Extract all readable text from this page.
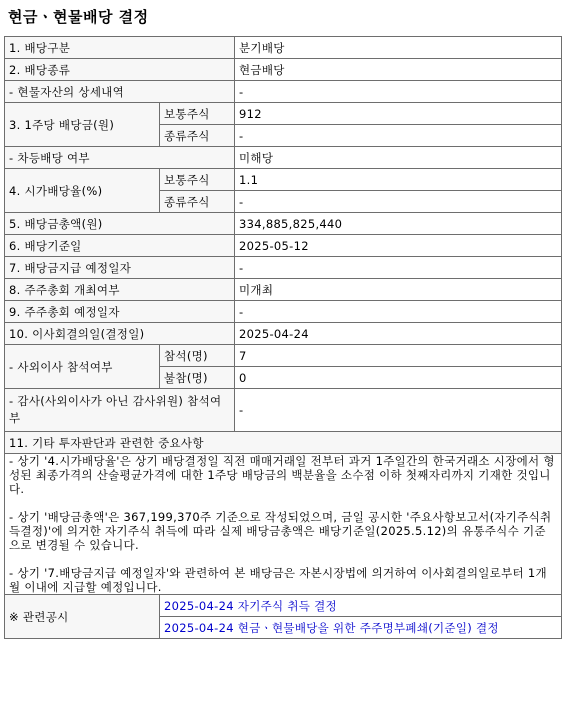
현금ㆍ현물배당 결정
1. 배당구분		분기배당
2. 배당종류		현금배당
- 현물자산의 상세내역		-
3. 1주당 배당금(원)	보통주식	912
	종류주식	-
- 차등배당 여부		미해당
4. 시가배당율(%)	보통주식	1.1
	종류주식	-
5. 배당금총액(원)		334,885,825,440
6. 배당기준일		2025-05-12
7. 배당금지급 예정일자		-
8. 주주총회 개최여부		미개최
9. 주주총회 예정일자		-
10. 이사회결의일(결정일)		2025-04-24
- 사외이사 참석여부	참석(명)	7
	불참(명)	0
- 감사(사외이사가 아닌 감사위원) 참석여부		-
11. 기타 투자판단과 관련한 중요사항		
- 상기 '4.시가배당율'은 상기 배당결정일 직전 매매거래일 전부터 과거 1주일간의 한국거래소 시장에서 형성된 최종가격의 산술평균가격에 대한 1주당 배당금의 백분율을 소수점 이하 첫째자리까지 기재한 것입니다.

- 상기 '배당금총액'은 367,199,370주 기준으로 작성되었으며, 금일 공시한 '주요사항보고서(자기주식취득결정)'에 의거한 자기주식 취득에 따라 실제 배당금총액은 배당기준일(2025.5.12)의 유통주식수 기준으로 변경될 수 있습니다.

- 상기 '7.배당금지급 예정일자'와 관련하여 본 배당금은 자본시장법에 의거하여 이사회결의일로부터 1개월 이내에 지급할 예정입니다.		
※ 관련공시	2025-04-24 자기주식 취득 결정	
	2025-04-24 현금ㆍ현물배당을 위한 주주명부폐쇄(기준일) 결정	
